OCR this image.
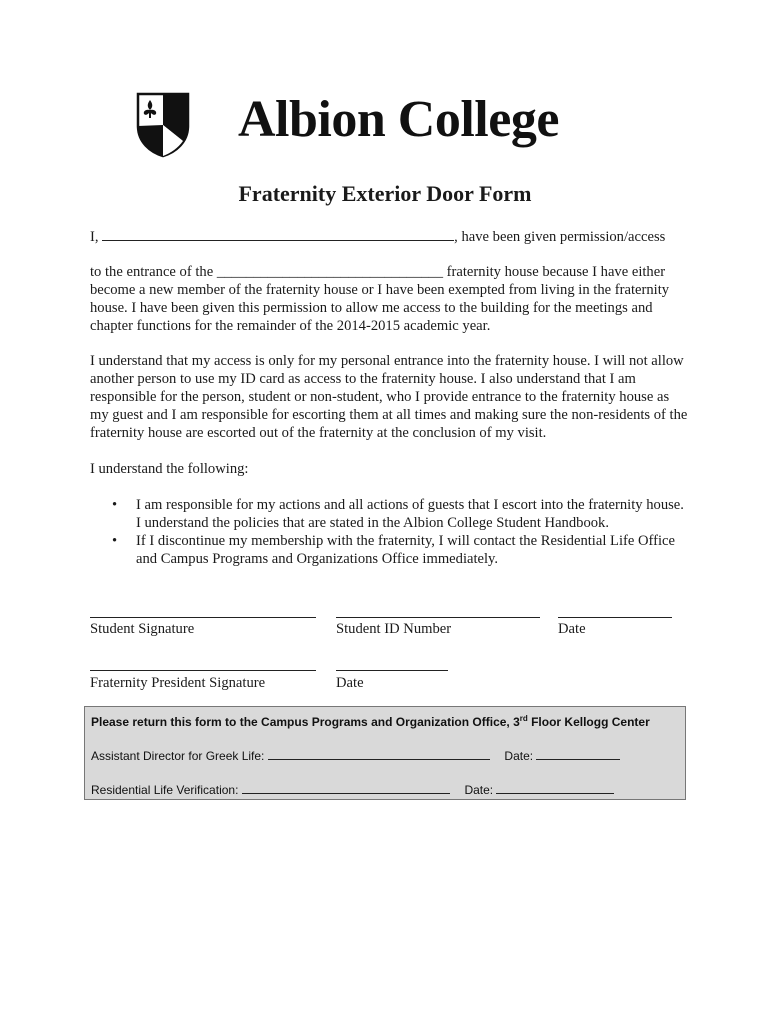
Albion College
Fraternity Exterior Door Form
I,	, have been given permission/access
to the entrance of the _______________________________ fraternity house because I have either become a new member of the fraternity house or I have been exempted from living in the fraternity house. I have been given this permission to allow me access to the building for the meetings and chapter functions for the remainder of the 2014-2015 academic year.
I understand that my access is only for my personal entrance into the fraternity house. I will not allow another person to use my ID card as access to the fraternity house. I also understand that I am responsible for the person, student or non-student, who I provide entrance to the fraternity house as my guest and I am responsible for escorting them at all times and making sure the non-residents of the fraternity house are escorted out of the fraternity at the conclusion of my visit.
I understand the following:
• I am responsible for my actions and all actions of guests that I escort into the fraternity house. I understand the policies that are stated in the Albion College Student Handbook.
• If I discontinue my membership with the fraternity, I will contact the Residential Life Office and Campus Programs and Organizations Office immediately.
Student Signature	Student ID Number	Date
Fraternity President Signature	Date
Please return this form to the Campus Programs and Organization Office, 3rd Floor Kellogg Center
Assistant Director for Greek Life:	Date:
Residential Life Verification:	Date:
